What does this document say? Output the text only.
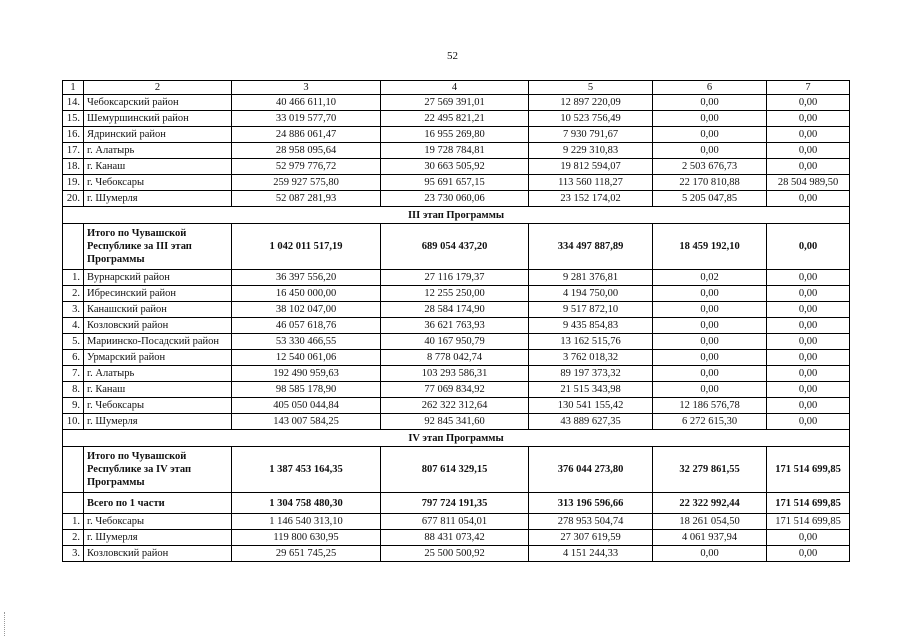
52
1	2	3	4	5	6	7
14.	Чебоксарский район	40 466 611,10	27 569 391,01	12 897 220,09	0,00	0,00
15.	Шемуршинский район	33 019 577,70	22 495 821,21	10 523 756,49	0,00	0,00
16.	Ядринский район	24 886 061,47	16 955 269,80	7 930 791,67	0,00	0,00
17.	г. Алатырь	28 958 095,64	19 728 784,81	9 229 310,83	0,00	0,00
18.	г. Канаш	52 979 776,72	30 663 505,92	19 812 594,07	2 503 676,73	0,00
19.	г. Чебоксары	259 927 575,80	95 691 657,15	113 560 118,27	22 170 810,88	28 504 989,50
20.	г. Шумерля	52 087 281,93	23 730 060,06	23 152 174,02	5 205 047,85	0,00
III этап Программы						
	Итого по Чувашской Республике за III этап Программы	1 042 011 517,19	689 054 437,20	334 497 887,89	18 459 192,10	0,00
1.	Вурнарский район	36 397 556,20	27 116 179,37	9 281 376,81	0,02	0,00
2.	Ибресинский район	16 450 000,00	12 255 250,00	4 194 750,00	0,00	0,00
3.	Канашский район	38 102 047,00	28 584 174,90	9 517 872,10	0,00	0,00
4.	Козловский район	46 057 618,76	36 621 763,93	9 435 854,83	0,00	0,00
5.	Мариинско-Посадский район	53 330 466,55	40 167 950,79	13 162 515,76	0,00	0,00
6.	Урмарский район	12 540 061,06	8 778 042,74	3 762 018,32	0,00	0,00
7.	г. Алатырь	192 490 959,63	103 293 586,31	89 197 373,32	0,00	0,00
8.	г. Канаш	98 585 178,90	77 069 834,92	21 515 343,98	0,00	0,00
9.	г. Чебоксары	405 050 044,84	262 322 312,64	130 541 155,42	12 186 576,78	0,00
10.	г. Шумерля	143 007 584,25	92 845 341,60	43 889 627,35	6 272 615,30	0,00
IV этап Программы						
	Итого по Чувашской Республике за IV этап Программы	1 387 453 164,35	807 614 329,15	376 044 273,80	32 279 861,55	171 514 699,85
	Всего по 1 части	1 304 758 480,30	797 724 191,35	313 196 596,66	22 322 992,44	171 514 699,85
1.	г. Чебоксары	1 146 540 313,10	677 811 054,01	278 953 504,74	18 261 054,50	171 514 699,85
2.	г. Шумерля	119 800 630,95	88 431 073,42	27 307 619,59	4 061 937,94	0,00
3.	Козловский район	29 651 745,25	25 500 500,92	4 151 244,33	0,00	0,00
